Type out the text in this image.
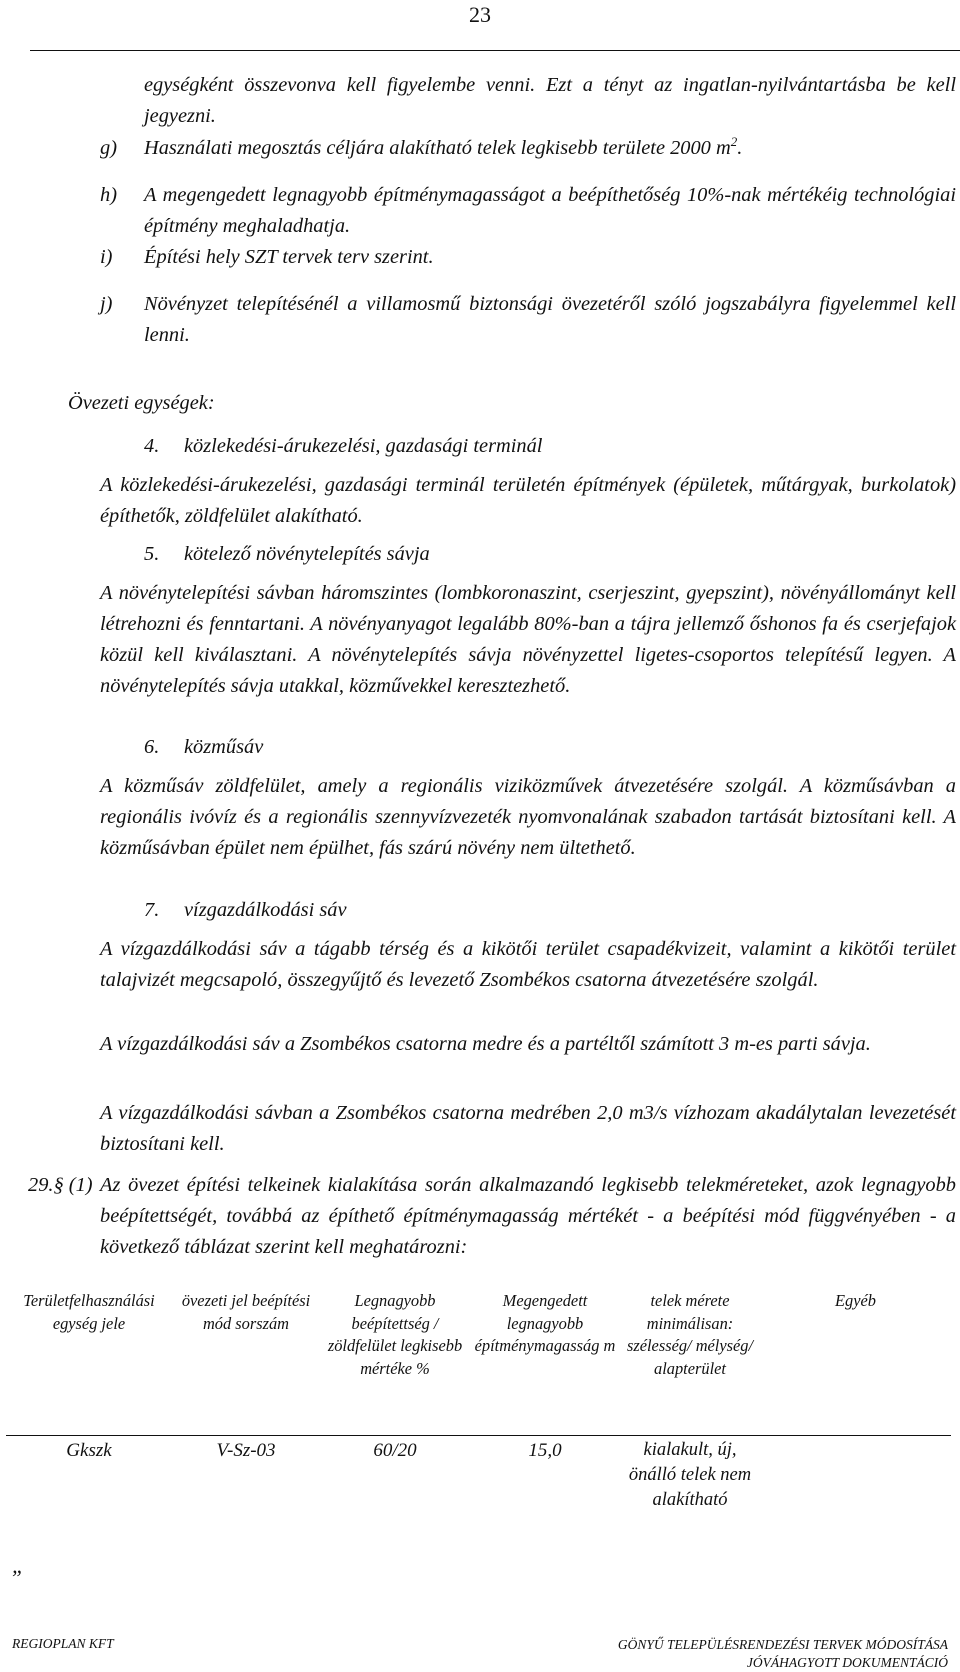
23
egységként összevonva kell figyelembe venni. Ezt a tényt az ingatlan-nyilvántartásba be kell jegyezni.
g) Használati megosztás céljára alakítható telek legkisebb területe 2000 $m^2$.
h) A megengedett legnagyobb építménymagasságot a beépíthetőség 10%-nak mértékéig technológiai építmény meghaladhatja.
i) Építési hely SZT tervek terv szerint.
j) Növényzet telepítésénél a villamosmű biztonsági övezetéről szóló jogszabályra figyelemmel kell lenni.
Övezeti egységek:
4. közlekedési-árukezelési, gazdasági terminál
A közlekedési-árukezelési, gazdasági terminál területén építmények (épületek, műtárgyak, burkolatok) építhetők, zöldfelület alakítható.
5. kötelező növénytelepítés sávja
A növénytelepítési sávban háromszintes (lombkoronaszint, cserjeszint, gyepszint), növényállományt kell létrehozni és fenntartani. A növényanyagot legalább 80%-ban a tájra jellemző őshonos fa és cserjefajok közül kell kiválasztani. A növénytelepítés sávja növényzettel ligetes-csoportos telepítésű legyen. A növénytelepítés sávja utakkal, közművekkel keresztezhető.
6. közműsáv
A közműsáv zöldfelület, amely a regionális viziközművek átvezetésére szolgál. A közműsávban a regionális ivóvíz és a regionális szennyvízvezeték nyomvonalának szabadon tartását biztosítani kell. A közműsávban épület nem épülhet, fás szárú növény nem ültethető.
7. vízgazdálkodási sáv
A vízgazdálkodási sáv a tágabb térség és a kikötői terület csapadékvizeit, valamint a kikötői terület talajvizét megcsapoló, összegyűjtő és levezető Zsombékos csatorna átvezetésére szolgál.
A vízgazdálkodási sáv a Zsombékos csatorna medre és a partéltől számított 3 m-es parti sávja.
A vízgazdálkodási sávban a Zsombékos csatorna medrében 2,0 m3/s vízhozam akadálytalan levezetését biztosítani kell.
29.§ (1) Az övezet építési telkeinek kialakítása során alkalmazandó legkisebb telekméreteket, azok legnagyobb beépítettségét, továbbá az építhető építménymagasság mértékét - a beépítési mód függvényében - a következő táblázat szerint kell meghatározni:
Területfelhasználási egység jele	övezeti jel beépítési mód sorszám	Legnagyobb beépítettség / zöldfelület legkisebb mértéke %	Megengedett legnagyobb építménymagasság m	telek mérete minimálisan: szélesség/ mélység/ alapterület	Egyéb
Gkszk	V-Sz-03	60/20	15,0	kialakult, új, önálló telek nem alakítható	
„
REGIOPLAN KFT	GÖNYŰ TELEPÜLÉSRENDEZÉSI TERVEK MÓDOSÍTÁSA
JÓVÁHAGYOTT DOKUMENTÁCIÓ
